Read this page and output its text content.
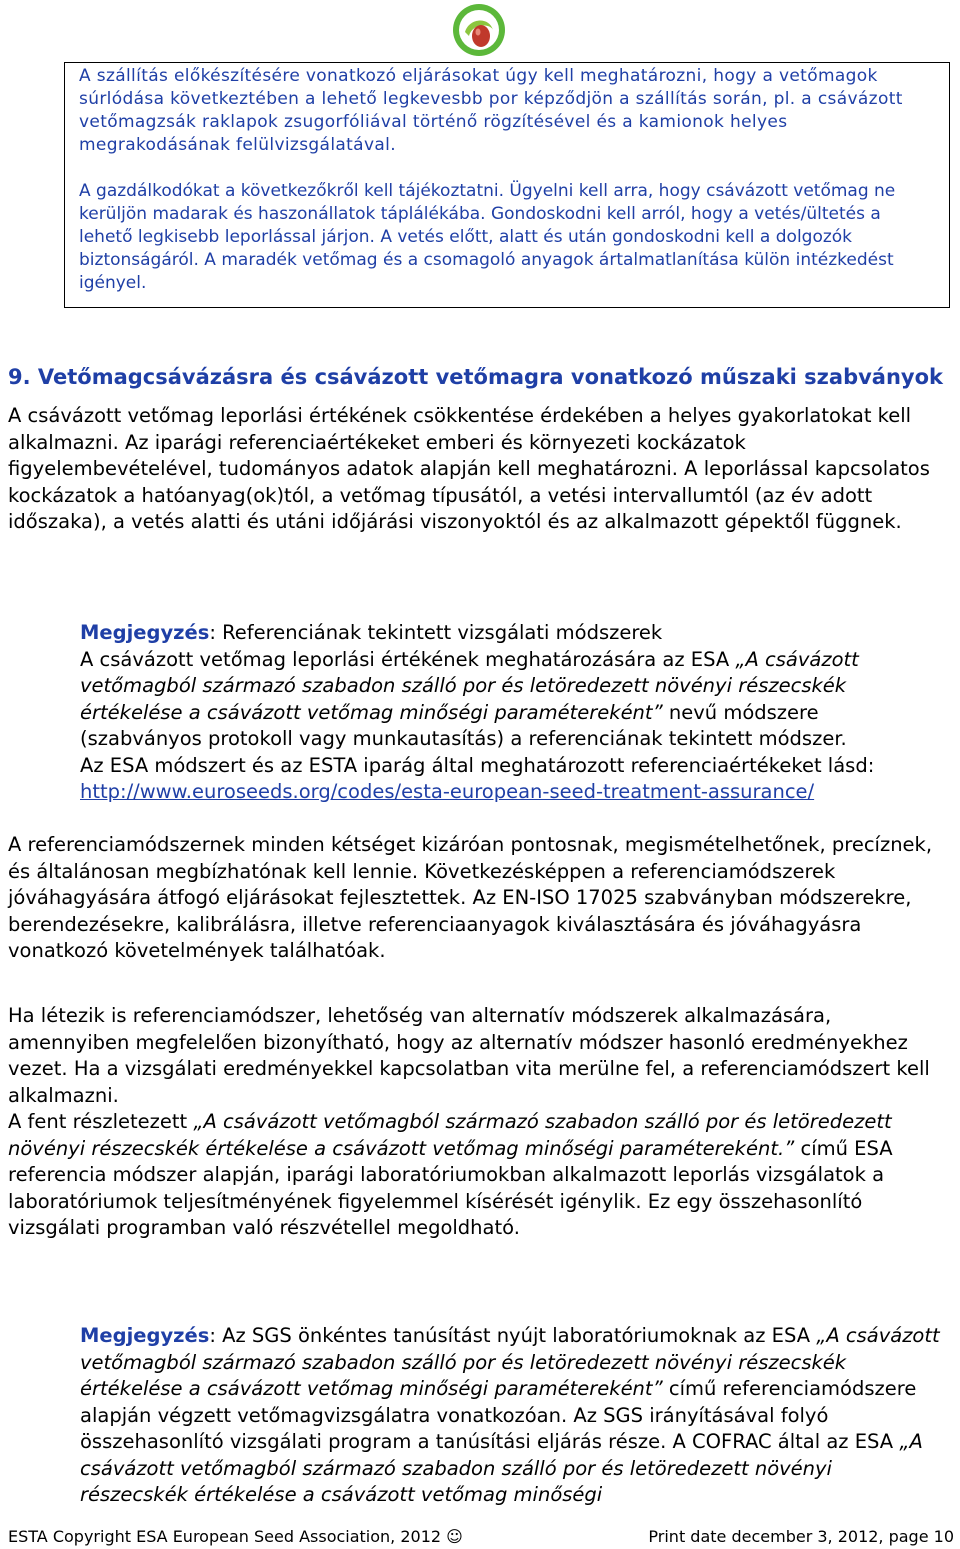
A szállítás előkészítésére vonatkozó eljárásokat úgy kell meghatározni, hogy a vetőmagok súrlódása következtében a lehető legkevesbb por képződjön a szállítás során, pl. a csávázott vetőmagzsák raklapok zsugorfóliával történő rögzítésével és a kamionok helyes megrakodásának felülvizsgálatával.

A gazdálkodókat a következőkről kell tájékoztatni. Ügyelni kell arra, hogy csávázott vetőmag ne kerüljön madarak és haszonállatok táplálékába. Gondoskodni kell arról, hogy a vetés/ültetés a lehető legkisebb leporlással járjon. A vetés előtt, alatt és után gondoskodni kell a dolgozók biztonságáról. A maradék vetőmag és a csomagoló anyagok ártalmatlanítása külön intézkedést igényel.

9. Vetőmagcsávázásra és csávázott vetőmagra vonatkozó műszaki szabványok

A csávázott vetőmag leporlási értékének csökkentése érdekében a helyes gyakorlatokat kell alkalmazni. Az iparági referenciaértékeket emberi és környezeti kockázatok figyelembevételével, tudományos adatok alapján kell meghatározni. A leporlással kapcsolatos kockázatok a hatóanyag(ok)tól, a vetőmag típusától, a vetési intervallumtól (az év adott időszaka), a vetés alatti és utáni időjárási viszonyoktól és az alkalmazott gépektől függnek.

Megjegyzés: Referenciának tekintett vizsgálati módszerek
A csávázott vetőmag leporlási értékének meghatározására az ESA „A csávázott vetőmagból származó szabadon szálló por és letöredezett növényi részecskék értékelése a csávázott vetőmag minőségi paramétereként” nevű módszere (szabványos protokoll vagy munkautasítás) a referenciának tekintett módszer.
Az ESA módszert és az ESTA iparág által meghatározott referenciaértékeket lásd:
http://www.euroseeds.org/codes/esta-european-seed-treatment-assurance/

A referenciamódszernek minden kétséget kizáróan pontosnak, megismételhetőnek, precíznek, és általánosan megbízhatónak kell lennie. Következésképpen a referenciamódszerek jóváhagyására átfogó eljárásokat fejlesztettek. Az EN-ISO 17025 szabványban módszerekre, berendezésekre, kalibrálásra, illetve referenciaanyagok kiválasztására és jóváhagyásra vonatkozó követelmények találhatóak.

Ha létezik is referenciamódszer, lehetőség van alternatív módszerek alkalmazására, amennyiben megfelelően bizonyítható, hogy az alternatív módszer hasonló eredményekhez vezet. Ha a vizsgálati eredményekkel kapcsolatban vita merülne fel, a referenciamódszert kell alkalmazni.

A fent részletezett „A csávázott vetőmagból származó szabadon szálló por és letöredezett növényi részecskék értékelése a csávázott vetőmag minőségi paramétereként.” című ESA referencia módszer alapján, iparági laboratóriumokban alkalmazott leporlás vizsgálatok a laboratóriumok teljesítményének figyelemmel kísérését igénylik. Ez egy összehasonlító vizsgálati programban való részvétellel megoldható.

Megjegyzés: Az SGS önkéntes tanúsítást nyújt laboratóriumoknak az ESA „A csávázott vetőmagból származó szabadon szálló por és letöredezett növényi részecskék értékelése a csávázott vetőmag minőségi paramétereként” című referenciamódszere alapján végzett vetőmagvizsgálatra vonatkozóan. Az SGS irányításával folyó összehasonlító vizsgálati program a tanúsítási eljárás része. A COFRAC által az ESA „A csávázott vetőmagból származó szabadon szálló por és letöredezett növényi részecskék értékelése a csávázott vetőmag minőségi

ESTA Copyright ESA European Seed Association, 2012 ☺	Print date december 3, 2012, page 10
